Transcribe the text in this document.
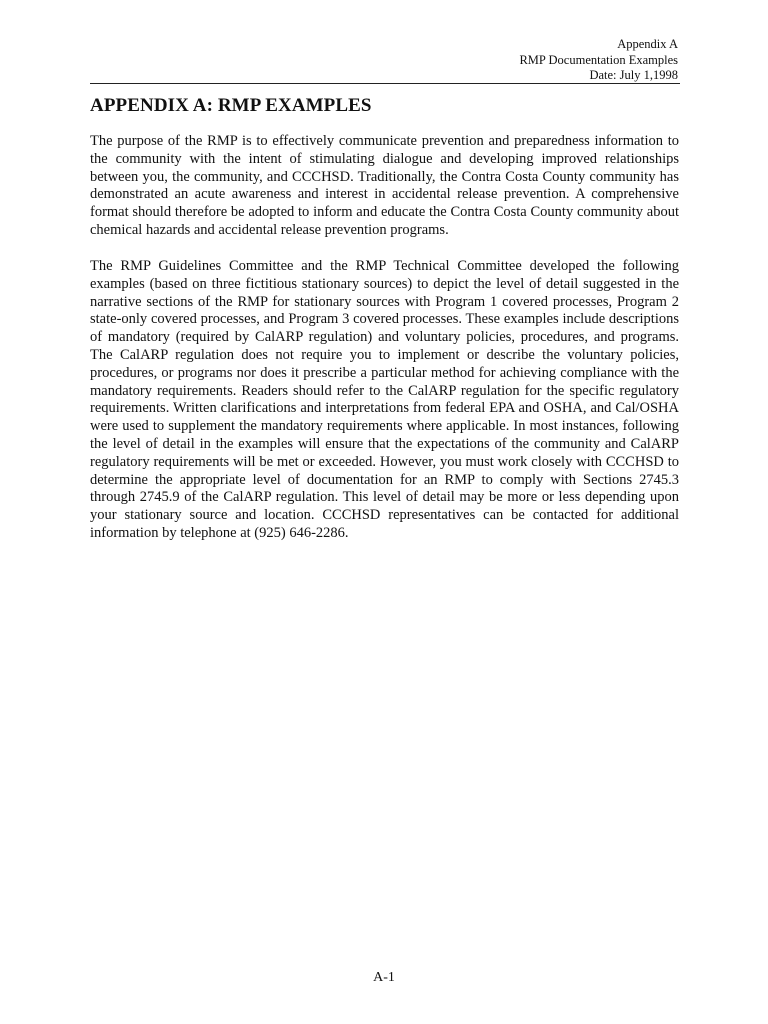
Appendix A
RMP Documentation Examples
Date: July 1,1998
APPENDIX A: RMP EXAMPLES

The purpose of the RMP is to effectively communicate prevention and preparedness information to the community with the intent of stimulating dialogue and developing improved relationships between you, the community, and CCCHSD. Traditionally, the Contra Costa County community has demonstrated an acute awareness and interest in accidental release prevention. A comprehensive format should therefore be adopted to inform and educate the Contra Costa County community about chemical hazards and accidental release prevention programs.

The RMP Guidelines Committee and the RMP Technical Committee developed the following examples (based on three fictitious stationary sources) to depict the level of detail suggested in the narrative sections of the RMP for stationary sources with Program 1 covered processes, Program 2 state-only covered processes, and Program 3 covered processes. These examples include descriptions of mandatory (required by CalARP regulation) and voluntary policies, procedures, and programs. The CalARP regulation does not require you to implement or describe the voluntary policies, procedures, or programs nor does it prescribe a particular method for achieving compliance with the mandatory requirements. Readers should refer to the CalARP regulation for the specific regulatory requirements. Written clarifications and interpretations from federal EPA and OSHA, and Cal/OSHA were used to supplement the mandatory requirements where applicable. In most instances, following the level of detail in the examples will ensure that the expectations of the community and CalARP regulatory requirements will be met or exceeded. However, you must work closely with CCCHSD to determine the appropriate level of documentation for an RMP to comply with Sections 2745.3 through 2745.9 of the CalARP regulation. This level of detail may be more or less depending upon your stationary source and location. CCCHSD representatives can be contacted for additional information by telephone at (925) 646-2286.

A-1
